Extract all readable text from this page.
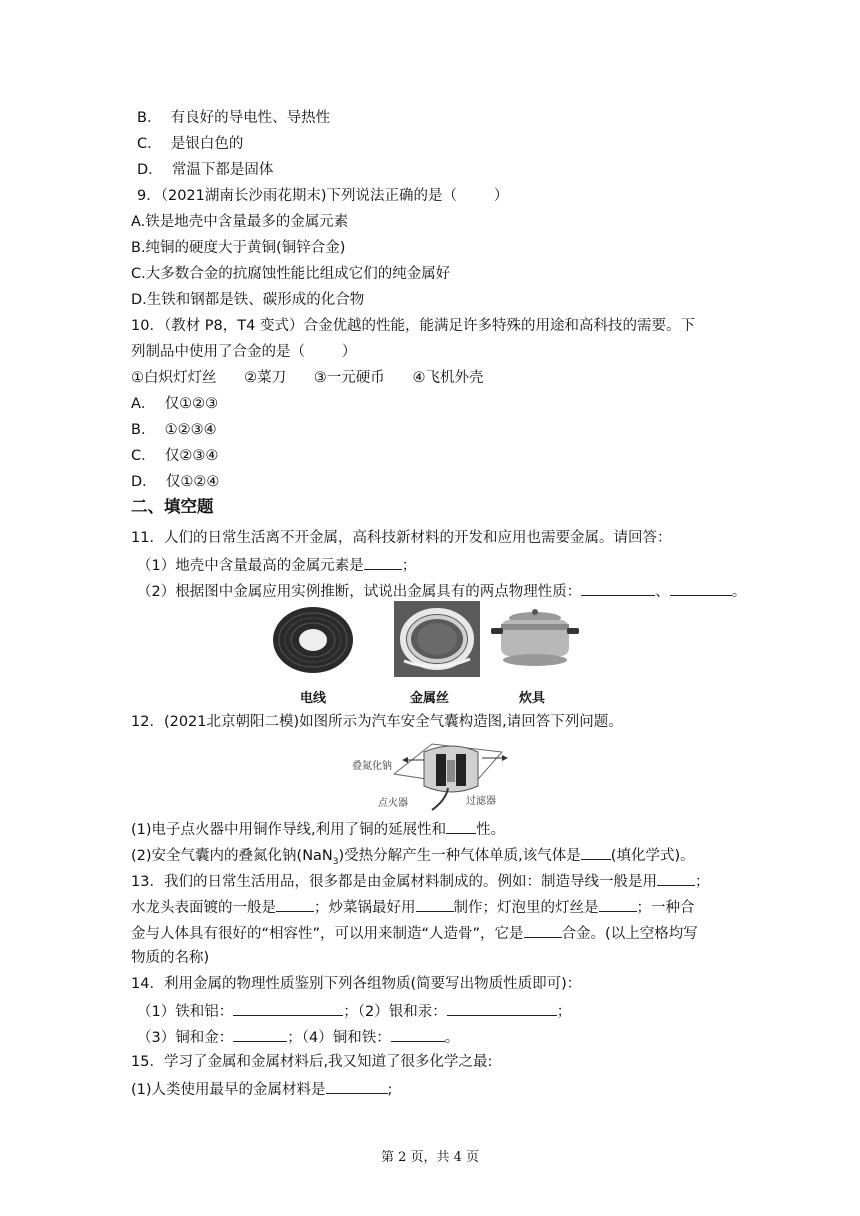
B．  有良好的导电性、导热性
C．  是银白色的
D．  常温下都是固体
9．（2021湖南长沙雨花期末)下列说法正确的是（        ）
A.铁是地壳中含量最多的金属元素
B.纯铜的硬度大于黄铜(铜锌合金)
C.大多数合金的抗腐蚀性能比组成它们的纯金属好
D.生铁和钢都是铁、碳形成的化合物
10．（教材 P8，T4 变式）合金优越的性能，能满足许多特殊的用途和高科技的需要。下
列制品中使用了合金的是（        ）
①白炽灯灯丝      ②菜刀      ③一元硬币      ④飞机外壳
A．  仅①②③
B．  ①②③④
C．  仅②③④
D．  仅①②④
二、填空题
11．人们的日常生活离不开金属，高科技新材料的开发和应用也需要金属。请回答：
（1）地壳中含量最高的金属元素是	；
（2）根据图中金属应用实例推断，试说出金属具有的两点物理性质：	、	。
电线	金属丝	炊具
12．(2021北京朝阳二模)如图所示为汽车安全气囊构造图,请回答下列问题。
叠氮化钠
点火器	过滤器
(1)电子点火器中用铜作导线,利用了铜的延展性和 性。
(2)安全气囊内的叠氮化钠(NaN$_3$)受热分解产生一种气体单质,该气体是 (填化学式)。
13．我们的日常生活用品，很多都是由金属材料制成的。例如：制造导线一般是用	；
水龙头表面镀的一般是	；炒菜锅最好用	制作；灯泡里的灯丝是	；一种合
金与人体具有很好的“相容性”，可以用来制造“人造骨”，它是	合金。(以上空格均写
物质的名称)
14．利用金属的物理性质鉴别下列各组物质(简要写出物质性质即可)：
（1）铁和铝：	；（2）银和汞：	；
（3）铜和金：	；（4）铜和铁：	。
15．学习了金属和金属材料后,我又知道了很多化学之最:
(1)人类使用最早的金属材料是	;
第 2 页，共 4 页
